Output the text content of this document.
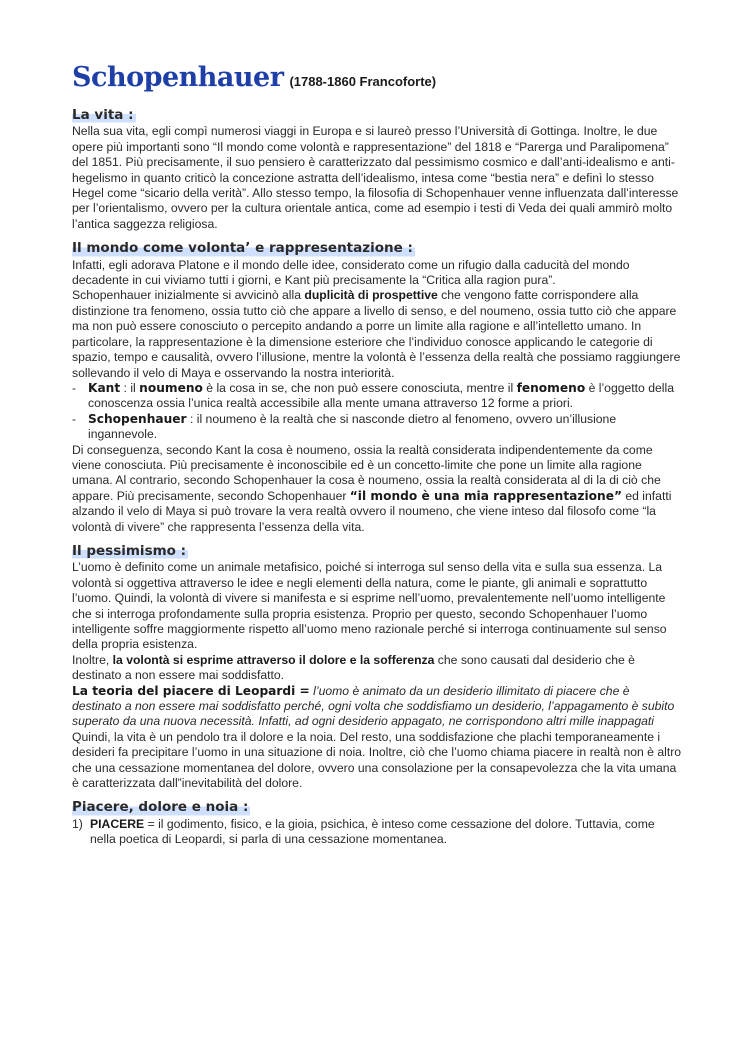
Schopenhauer (1788-1860 Francoforte)
La vita :

Nella sua vita, egli compì numerosi viaggi in Europa e si laureò presso l’Università di Gottinga. Inoltre, le due opere più importanti sono “Il mondo come volontà e rappresentazione” del 1818 e “Parerga und Paralipomena” del 1851. Più precisamente, il suo pensiero è caratterizzato dal pessimismo cosmico e dall’anti-idealismo e anti-hegelismo in quanto criticò la concezione astratta dell’idealismo, intesa come “bestia nera” e definì lo stesso Hegel come “sicario della verità”. Allo stesso tempo, la filosofia di Schopenhauer venne influenzata dall’interesse per l’orientalismo, ovvero per la cultura orientale antica, come ad esempio i testi di Veda dei quali ammirò molto l’antica saggezza religiosa.

Il mondo come volonta’ e rappresentazione :

Infatti, egli adorava Platone e il mondo delle idee, considerato come un rifugio dalla caducità del mondo decadente in cui viviamo tutti i giorni, e Kant più precisamente la “Critica alla ragion pura”.

Schopenhauer inizialmente si avvicinò alla duplicità di prospettive che vengono fatte corrispondere alla distinzione tra fenomeno, ossia tutto ciò che appare a livello di senso, e del noumeno, ossia tutto ciò che appare ma non può essere conosciuto o percepito andando a porre un limite alla ragione e all’intelletto umano. In particolare, la rappresentazione è la dimensione esteriore che l’individuo conosce applicando le categorie di spazio, tempo e causalità, ovvero l’illusione, mentre la volontà è l’essenza della realtà che possiamo raggiungere sollevando il velo di Maya e osservando la nostra interiorità.

- Kant : il noumeno è la cosa in se, che non può essere conosciuta, mentre il fenomeno è l’oggetto della conoscenza ossia l’unica realtà accessibile alla mente umana attraverso 12 forme a priori.
- Schopenhauer : il noumeno è la realtà che si nasconde dietro al fenomeno, ovvero un’illusione ingannevole.

Di conseguenza, secondo Kant la cosa è noumeno, ossia la realtà considerata indipendentemente da come viene conosciuta. Più precisamente è inconoscibile ed è un concetto-limite che pone un limite alla ragione umana. Al contrario, secondo Schopenhauer la cosa è noumeno, ossia la realtà considerata al di la di ciò che appare. Più precisamente, secondo Schopenhauer “il mondo è una mia rappresentazione” ed infatti alzando il velo di Maya si può trovare la vera realtà ovvero il noumeno, che viene inteso dal filosofo come “la volontà di vivere” che rappresenta l’essenza della vita.

Il pessimismo :

L’uomo è definito come un animale metafisico, poiché si interroga sul senso della vita e sulla sua essenza. La volontà si oggettiva attraverso le idee e negli elementi della natura, come le piante, gli animali e soprattutto l’uomo. Quindi, la volontà di vivere si manifesta e si esprime nell’uomo, prevalentemente nell’uomo intelligente che si interroga profondamente sulla propria esistenza. Proprio per questo, secondo Schopenhauer l’uomo intelligente soffre maggiormente rispetto all’uomo meno razionale perché si interroga continuamente sul senso della propria esistenza.

Inoltre, la volontà si esprime attraverso il dolore e la sofferenza che sono causati dal desiderio che è destinato a non essere mai soddisfatto.

La teoria del piacere di Leopardi = l’uomo è animato da un desiderio illimitato di piacere che è destinato a non essere mai soddisfatto perché, ogni volta che soddisfiamo un desiderio, l’appagamento è subito superato da una nuova necessità. Infatti, ad ogni desiderio appagato, ne corrispondono altri mille inappagati

Quindi, la vita è un pendolo tra il dolore e la noia. Del resto, una soddisfazione che plachi temporaneamente i desideri fa precipitare l’uomo in una situazione di noia. Inoltre, ciò che l’uomo chiama piacere in realtà non è altro che una cessazione momentanea del dolore, ovvero una consolazione per la consapevolezza che la vita umana è caratterizzata dall”inevitabilità del dolore.

Piacere, dolore e noia :
1) PIACERE = il godimento, fisico, e la gioia, psichica, è inteso come cessazione del dolore. Tuttavia, come nella poetica di Leopardi, si parla di una cessazione momentanea.
